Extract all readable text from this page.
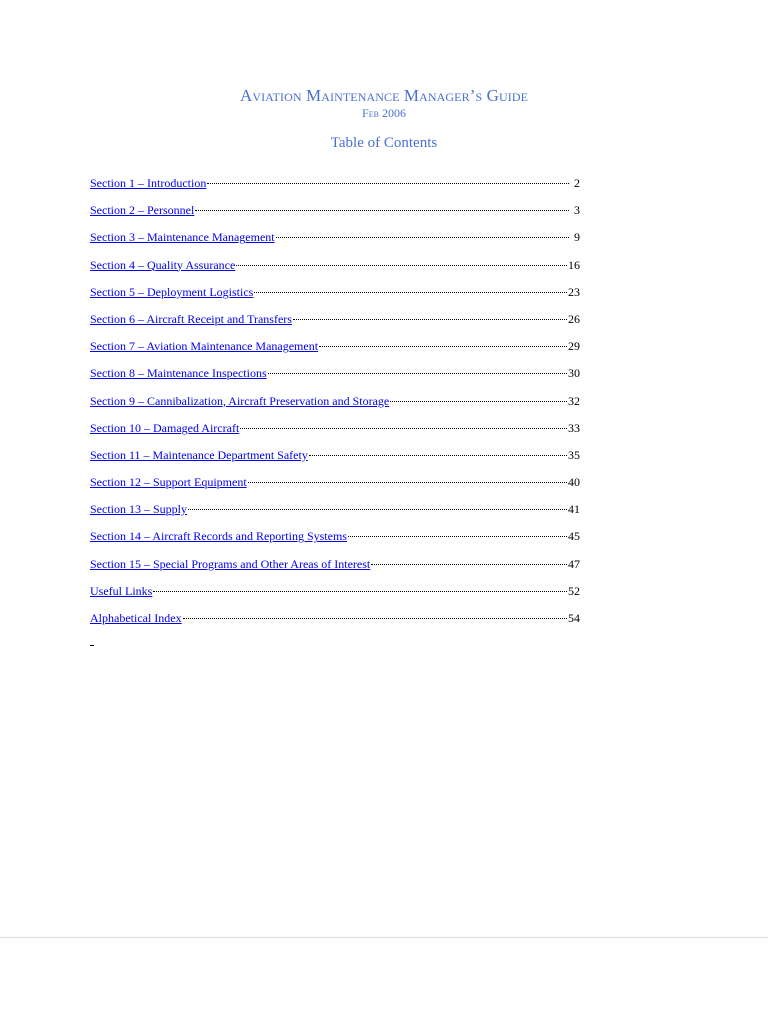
Aviation Maintenance Manager’s Guide
Feb 2006
Table of Contents
Section 1 – Introduction	2
Section 2 – Personnel	3
Section 3 – Maintenance Management	9
Section 4 – Quality Assurance	16
Section 5 – Deployment Logistics	23
Section 6 – Aircraft Receipt and Transfers	26
Section 7 – Aviation Maintenance Management	29
Section 8 – Maintenance Inspections	30
Section 9 – Cannibalization, Aircraft Preservation and Storage	32
Section 10 – Damaged Aircraft	33
Section 11 – Maintenance Department Safety	35
Section 12 – Support Equipment	40
Section 13 – Supply	41
Section 14 – Aircraft Records and Reporting Systems	45
Section 15 – Special Programs and Other Areas of Interest	47
Useful Links	52
Alphabetical Index	54
